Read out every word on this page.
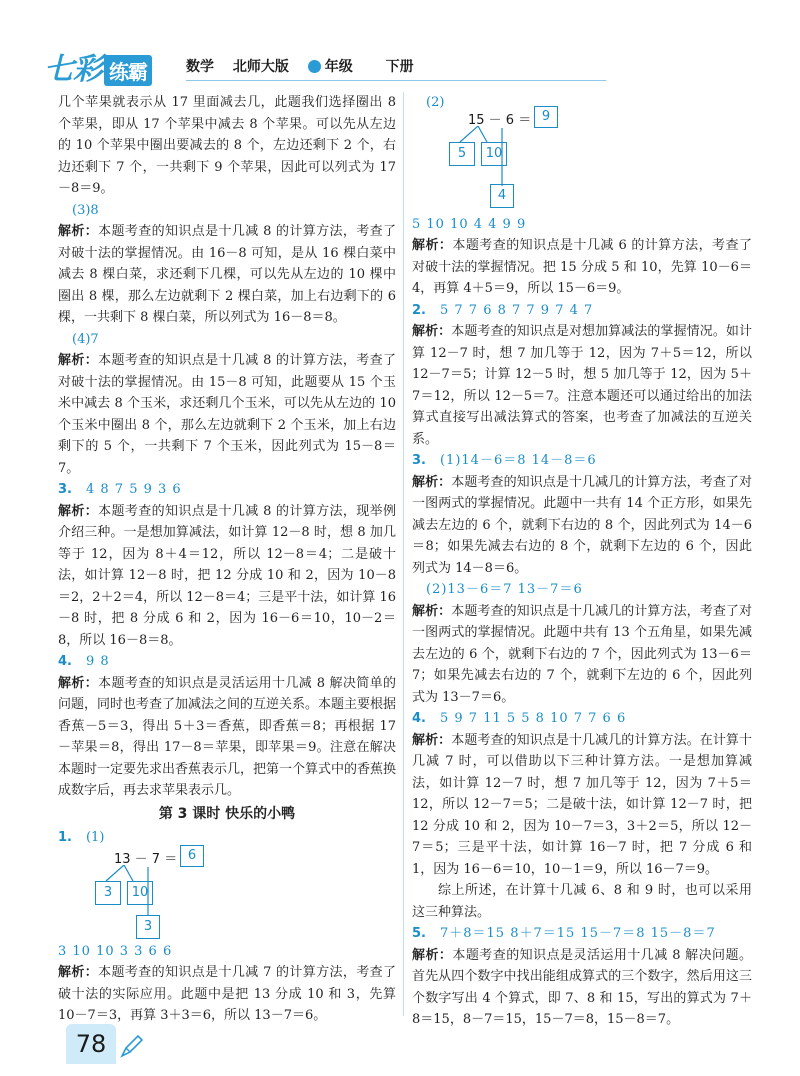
七彩 练霸	数学 北师大版	年级 下册

几个苹果就表示从 17 里面减去几，此题我们选择圈出 8 个苹果，即从 17 个苹果中减去 8 个苹果。可以先从左边的 10 个苹果中圈出要减去的 8 个，左边还剩下 2 个，右边还剩下 7 个，一共剩下 9 个苹果，因此可以列式为 17－8＝9。

(3)8

解析：本题考查的知识点是十几减 8 的计算方法，考查了对破十法的掌握情况。由 16－8 可知，是从 16 棵白菜中减去 8 棵白菜，求还剩下几棵，可以先从左边的 10 棵中圈出 8 棵，那么左边就剩下 2 棵白菜，加上右边剩下的 6 棵，一共剩下 8 棵白菜，所以列式为 16－8＝8。

(4)7

解析：本题考查的知识点是十几减 8 的计算方法，考查了对破十法的掌握情况。由 15－8 可知，此题要从 15 个玉米中减去 8 个玉米，求还剩几个玉米，可以先从左边的 10 个玉米中圈出 8 个，那么左边就剩下 2 个玉米，加上右边剩下的 5 个，一共剩下 7 个玉米，因此列式为 15－8＝7。

3. 4 8 7 5 9 3 6

解析：本题考查的知识点是十几减 8 的计算方法，现举例介绍三种。一是想加算减法，如计算 12－8 时，想 8 加几等于 12，因为 8＋4＝12，所以 12－8＝4；二是破十法，如计算 12－8 时，把 12 分成 10 和 2，因为 10－8＝2，2＋2＝4，所以 12－8＝4；三是平十法，如计算 16－8 时，把 8 分成 6 和 2，因为 16－6＝10，10－2＝8，所以 16－8＝8。

4. 9 8

解析：本题考查的知识点是灵活运用十几减 8 解决简单的问题，同时也考查了加减法之间的互逆关系。本题主要根据香蕉－5＝3，得出 5＋3＝香蕉，即香蕉＝8；再根据 17－苹果＝8，得出 17－8＝苹果，即苹果＝9。注意在解决本题时一定要先求出香蕉表示几，把第一个算式中的香蕉换成数字后，再去求苹果表示几。

第 3 课时 快乐的小鸭

1. (1)

13 － 7 ＝ 6
3	10
3

3 10 10 3 3 6 6

解析：本题考查的知识点是十几减 7 的计算方法，考查了破十法的实际应用。此题中是把 13 分成 10 和 3，先算 10－7＝3，再算 3＋3＝6，所以 13－7＝6。

(2)

15 － 6 ＝ 9
5	10
4

5 10 10 4 4 9 9

解析：本题考查的知识点是十几减 6 的计算方法，考查了对破十法的掌握情况。把 15 分成 5 和 10，先算 10－6＝4，再算 4＋5＝9，所以 15－6＝9。

2. 5 7 7 6 8 7 7 9 7 4 7

解析：本题考查的知识点是对想加算减法的掌握情况。如计算 12－7 时，想 7 加几等于 12，因为 7＋5＝12，所以 12－7＝5；计算 12－5 时，想 5 加几等于 12，因为 5＋7＝12，所以 12－5＝7。注意本题还可以通过给出的加法算式直接写出减法算式的答案，也考查了加减法的互逆关系。

3. (1)14－6＝8 14－8＝6

解析：本题考查的知识点是十几减几的计算方法，考查了对一图两式的掌握情况。此题中一共有 14 个正方形，如果先减去左边的 6 个，就剩下右边的 8 个，因此列式为 14－6＝8；如果先减去右边的 8 个，就剩下左边的 6 个，因此列式为 14－8＝6。

(2)13－6＝7 13－7＝6

解析：本题考查的知识点是十几减几的计算方法，考查了对一图两式的掌握情况。此题中共有 13 个五角星，如果先减去左边的 6 个，就剩下右边的 7 个，因此列式为 13－6＝7；如果先减去右边的 7 个，就剩下左边的 6 个，因此列式为 13－7＝6。

4. 5 9 7 11 5 5 8 10 7 7 6 6

解析：本题考查的知识点是十几减几的计算方法。在计算十几减 7 时，可以借助以下三种计算方法。一是想加算减法，如计算 12－7 时，想 7 加几等于 12，因为 7＋5＝12，所以 12－7＝5；二是破十法，如计算 12－7 时，把 12 分成 10 和 2，因为 10－7＝3，3＋2＝5，所以 12－7＝5；三是平十法，如计算 16－7 时，把 7 分成 6 和 1，因为 16－6＝10，10－1＝9，所以 16－7＝9。

综上所述，在计算十几减 6、8 和 9 时，也可以采用这三种算法。

5. 7＋8＝15 8＋7＝15 15－7＝8 15－8＝7

解析：本题考查的知识点是灵活运用十几减 8 解决问题。首先从四个数字中找出能组成算式的三个数字，然后用这三个数字写出 4 个算式，即 7、8 和 15，写出的算式为 7＋8＝15，8－7＝15，15－7＝8，15－8＝7。

78
